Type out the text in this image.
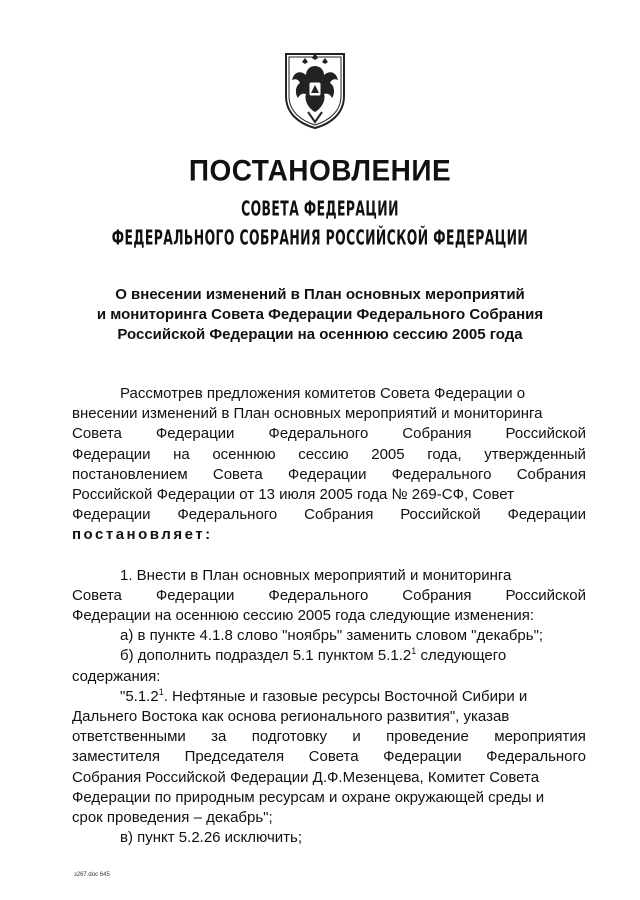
ПОСТАНОВЛЕНИЕ
СОВЕТА ФЕДЕРАЦИИ
ФЕДЕРАЛЬНОГО СОБРАНИЯ РОССИЙСКОЙ ФЕДЕРАЦИИ
О внесении изменений в План основных мероприятий
и мониторинга Совета Федерации Федерального Собрания
Российской Федерации на осеннюю сессию 2005 года
Рассмотрев предложения комитетов Совета Федерации о
внесении изменений в План основных мероприятий и мониторинга
Совета Федерации Федерального Собрания Российской
Федерации на осеннюю сессию 2005 года, утвержденный
постановлением Совета Федерации Федерального Собрания
Российской Федерации от 13 июля 2005 года № 269-СФ, Совет
Федерации Федерального Собрания Российской Федерации
постановляет:
1. Внести в План основных мероприятий и мониторинга
Совета Федерации Федерального Собрания Российской
Федерации на осеннюю сессию 2005 года следующие изменения:
а) в пункте 4.1.8 слово "ноябрь" заменить словом "декабрь";
б) дополнить подраздел 5.1 пунктом 5.1.2$^1$ следующего
содержания:
"5.1.2$^1$. Нефтяные и газовые ресурсы Восточной Сибири и
Дальнего Востока как основа регионального развития", указав
ответственными за подготовку и проведение мероприятия
заместителя Председателя Совета Федерации Федерального
Собрания Российской Федерации Д.Ф.Мезенцева, Комитет Совета
Федерации по природным ресурсам и охране окружающей среды и
срок проведения – декабрь";
в) пункт 5.2.26 исключить;
з267.doc 645
